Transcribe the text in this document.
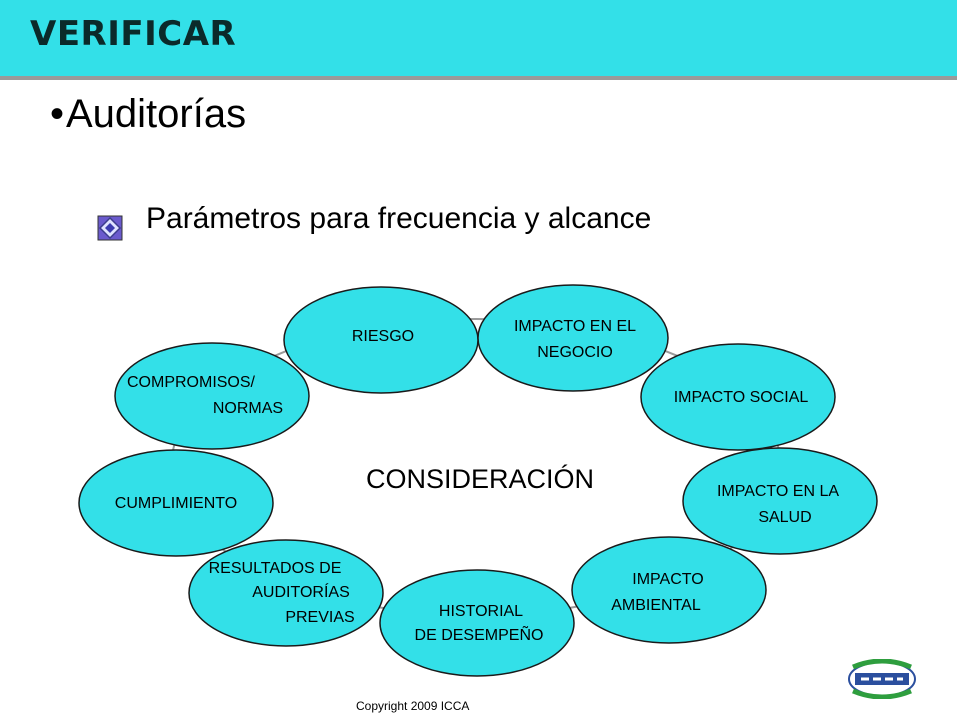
VERIFICAR
•Auditorías
Parámetros para frecuencia y alcance
RIESGO
IMPACTO EN EL
NEGOCIO
IMPACTO SOCIAL
IMPACTO EN LA
SALUD
IMPACTO
AMBIENTAL
HISTORIAL
DE DESEMPEÑO
RESULTADOS DE
AUDITORÍAS
PREVIAS
CUMPLIMIENTO
COMPROMISOS/
NORMAS
CONSIDERACIÓN
Copyright 2009 ICCA
